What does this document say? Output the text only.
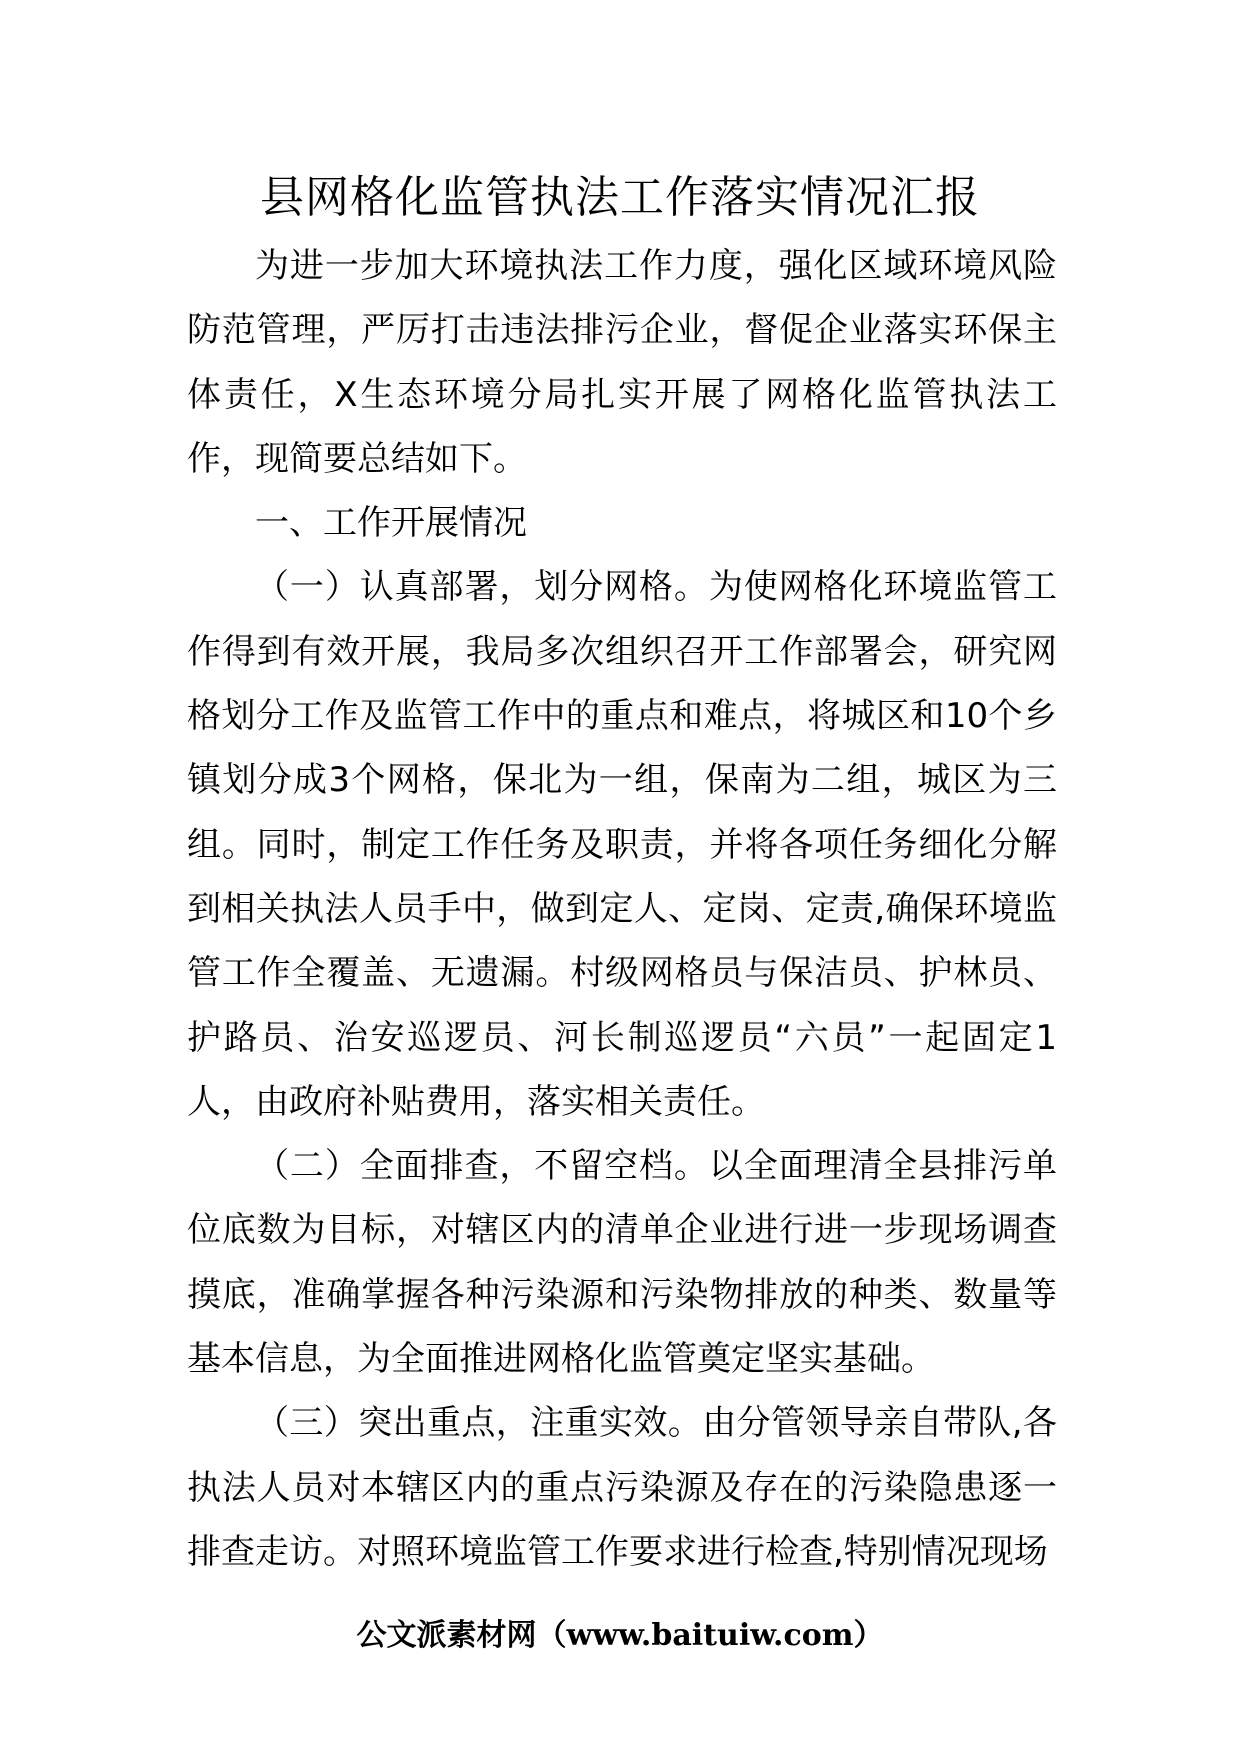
县网格化监管执法工作落实情况汇报

为进一步加大环境执法工作力度，强化区域环境风险防范管理，严厉打击违法排污企业，督促企业落实环保主体责任，X生态环境分局扎实开展了网格化监管执法工作，现简要总结如下。

一、工作开展情况

（一）认真部署，划分网格。为使网格化环境监管工作得到有效开展，我局多次组织召开工作部署会，研究网格划分工作及监管工作中的重点和难点，将城区和10个乡镇划分成3个网格，保北为一组，保南为二组，城区为三组。同时，制定工作任务及职责，并将各项任务细化分解到相关执法人员手中，做到定人、定岗、定责,确保环境监管工作全覆盖、无遗漏。村级网格员与保洁员、护林员、护路员、治安巡逻员、河长制巡逻员“六员”一起固定1人，由政府补贴费用，落实相关责任。

（二）全面排查，不留空档。以全面理清全县排污单位底数为目标，对辖区内的清单企业进行进一步现场调查摸底，准确掌握各种污染源和污染物排放的种类、数量等基本信息，为全面推进网格化监管奠定坚实基础。

（三）突出重点，注重实效。由分管领导亲自带队,各执法人员对本辖区内的重点污染源及存在的污染隐患逐一排查走访。对照环境监管工作要求进行检查,特别情况现场

公文派素材网（www.baituiw.com）
